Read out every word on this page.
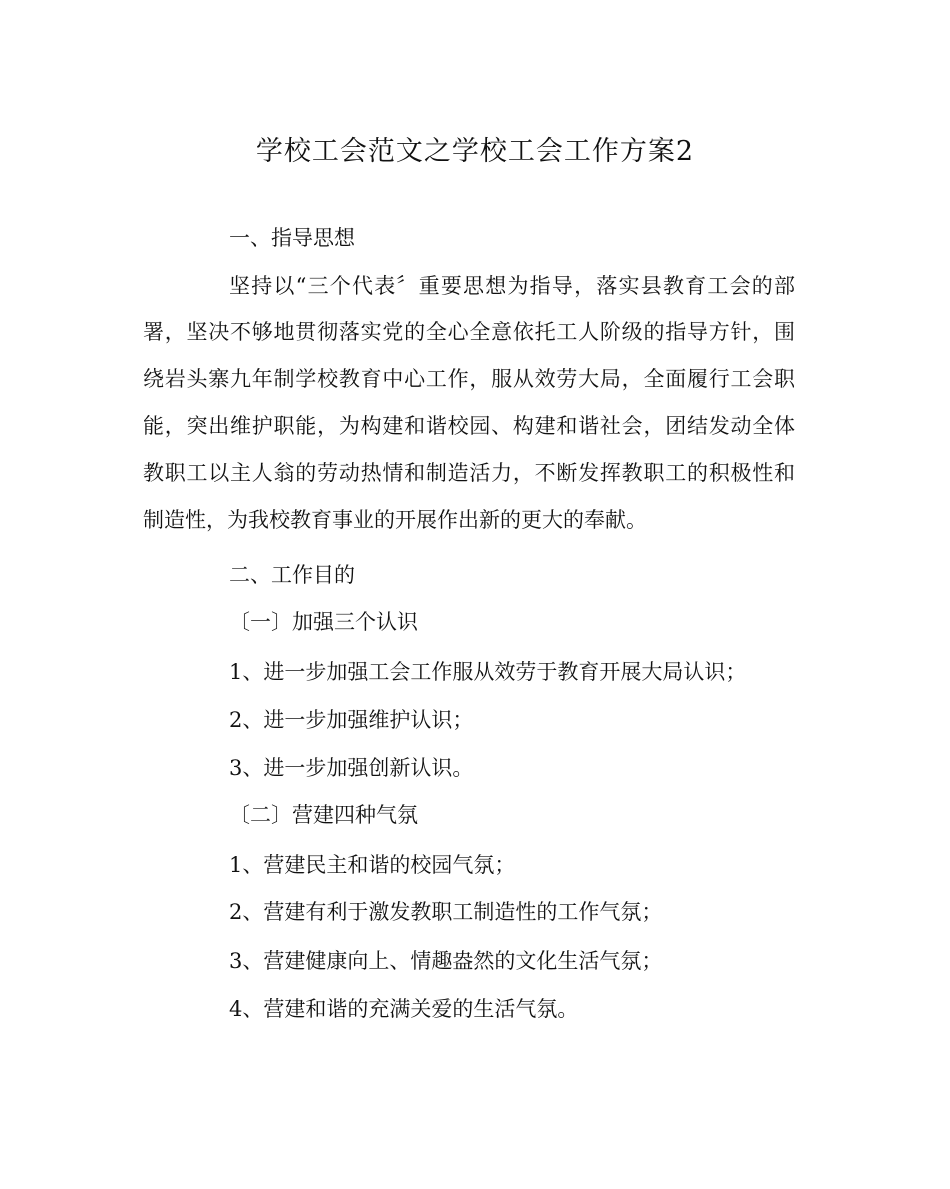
学校工会范文之学校工会工作方案2
一、指导思想
坚持以“三个代表〞重要思想为指导，落实县教育工会的部
署，坚决不够地贯彻落实党的全心全意依托工人阶级的指导方针，围
绕岩头寨九年制学校教育中心工作，服从效劳大局，全面履行工会职
能，突出维护职能，为构建和谐校园、构建和谐社会，团结发动全体
教职工以主人翁的劳动热情和制造活力，不断发挥教职工的积极性和
制造性，为我校教育事业的开展作出新的更大的奉献。
二、工作目的
〔一〕加强三个认识
1、进一步加强工会工作服从效劳于教育开展大局认识；
2、进一步加强维护认识；
3、进一步加强创新认识。
〔二〕营建四种气氛
1、营建民主和谐的校园气氛；
2、营建有利于激发教职工制造性的工作气氛；
3、营建健康向上、情趣盎然的文化生活气氛；
4、营建和谐的充满关爱的生活气氛。
